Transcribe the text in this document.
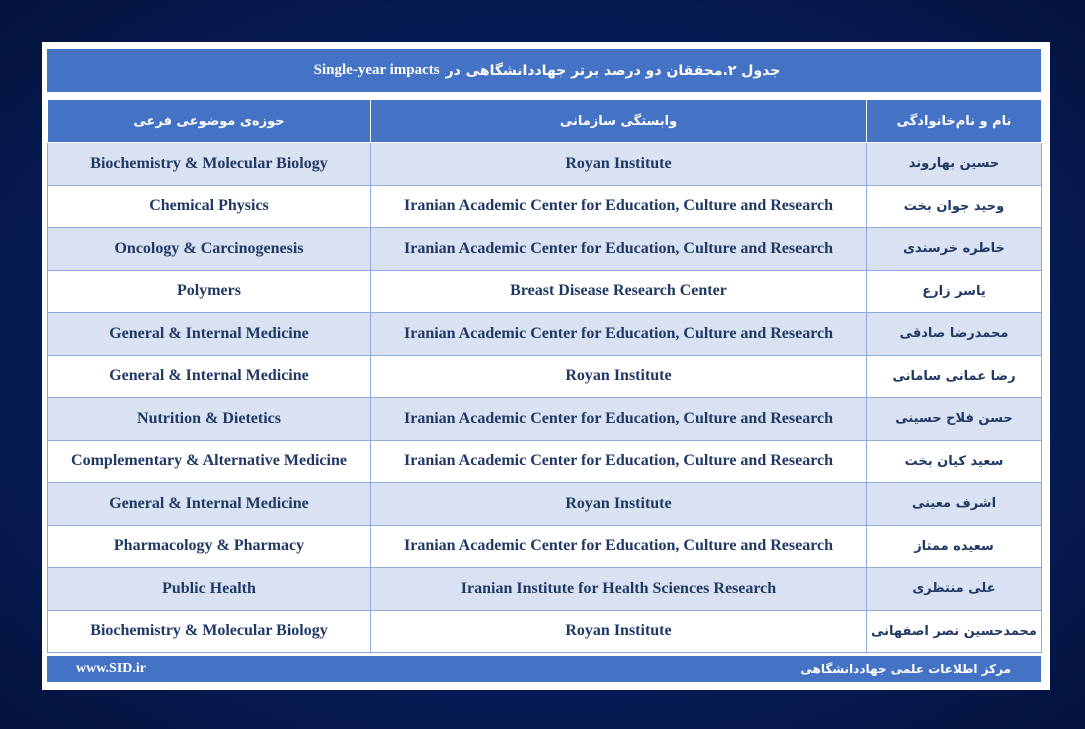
جدول ۲.محققان دو درصد برتر جهاددانشگاهی در
Single-year impacts
حوزه‌ی موضوعی فرعی	وابستگی سازمانی	نام و نام‌خانوادگی
Biochemistry & Molecular Biology	Royan Institute	حسین بهاروند
Chemical Physics	Iranian Academic Center for Education, Culture and Research	وحید جوان بخت
Oncology & Carcinogenesis	Iranian Academic Center for Education, Culture and Research	خاطره خرسندی
Polymers	Breast Disease Research Center	یاسر زارع
General & Internal Medicine	Iranian Academic Center for Education, Culture and Research	محمدرضا صادقی
General & Internal Medicine	Royan Institute	رضا عمانی سامانی
Nutrition & Dietetics	Iranian Academic Center for Education, Culture and Research	حسن فلاح حسینی
Complementary & Alternative Medicine	Iranian Academic Center for Education, Culture and Research	سعید کیان بخت
General & Internal Medicine	Royan Institute	اشرف معینی
Pharmacology & Pharmacy	Iranian Academic Center for Education, Culture and Research	سعیده ممتاز
Public Health	Iranian Institute for Health Sciences Research	علی منتظری
Biochemistry & Molecular Biology	Royan Institute	محمدحسین نصر اصفهانی
www.SID.ir	مرکز اطلاعات علمی جهاددانشگاهی
